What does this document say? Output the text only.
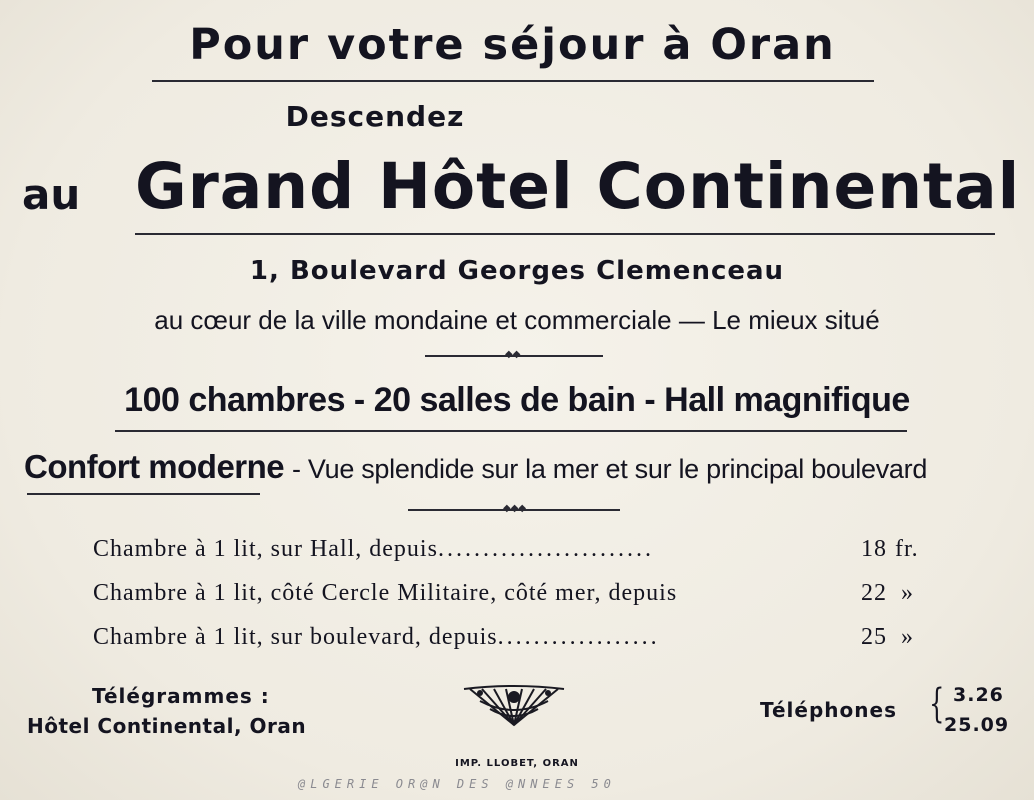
Pour votre séjour à Oran
Descendez
au Grand Hôtel Continental
1, Boulevard Georges Clemenceau
au cœur de la ville mondaine et commerciale — Le mieux situé
◆◆
100 chambres - 20 salles de bain - Hall magnifique
Confort moderne - Vue splendide sur la mer et sur le principal boulevard
◆◆◆
Chambre à 1 lit, sur Hall, depuis........................	18 fr.
Chambre à 1 lit, côté Cercle Militaire, côté mer, depuis	22 »
Chambre à 1 lit, sur boulevard, depuis..................	25 »
Télégrammes :
Hôtel Continental, Oran
Téléphones { 3.26
25.09
IMP. LLOBET, ORAN
@LGERIE OR@N DES @NNEES 50
